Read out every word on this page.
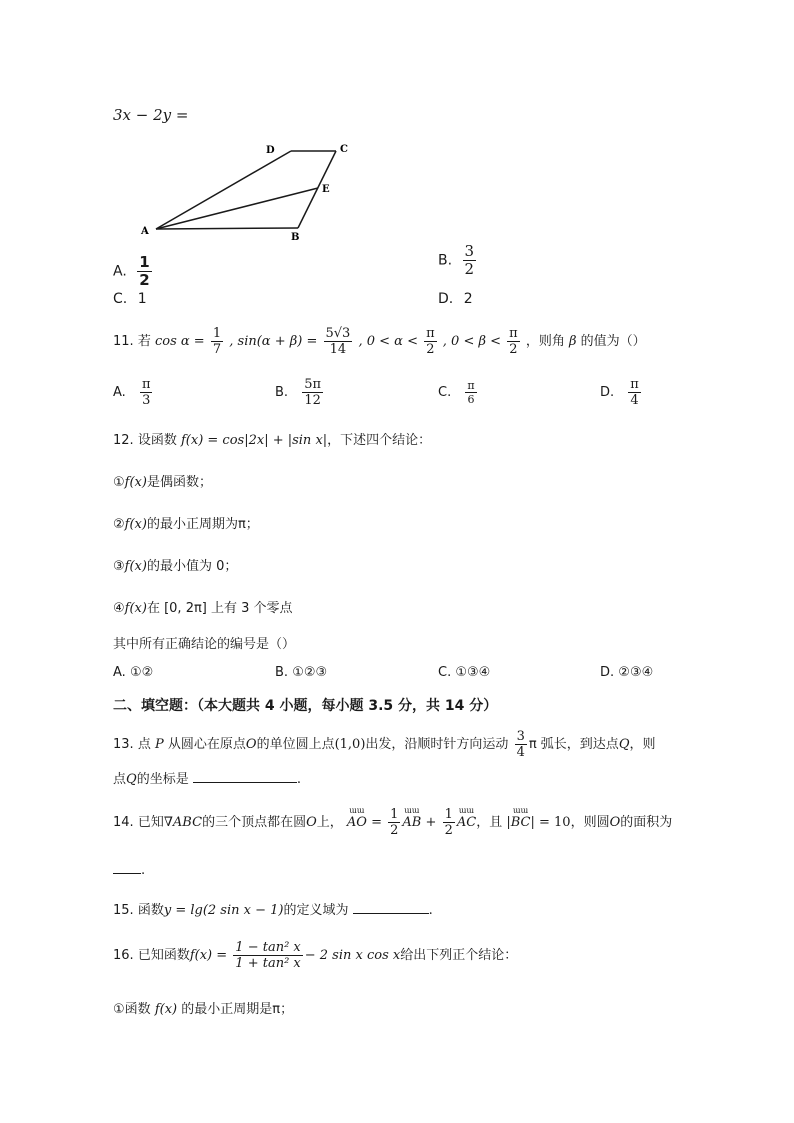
3x − 2y =
A
B
C
D
E
A. $\frac{1}{2}$	B. $\frac{3}{2}$
C. 1	D. 2
11. 若 $\cos \alpha = \frac{1}{7}$ , $\sin(\alpha + \beta) = \frac{5√3}{14}$ , $0 < \alpha < \frac{\pi}{2}$ , $0 < \beta < \frac{\pi}{2}$ ，则角 β 的值为（）
A. $\frac{\pi}{3}$	B. $\frac{5\pi}{12}$	C. $\frac{\pi}{6}$	D. $\frac{\pi}{4}$
12. 设函数 f(x) = cos|2x| + |sin x|，下述四个结论：
①f(x)是偶函数；
②f(x)的最小正周期为π；
③f(x)的最小值为 0；
④f(x)在 [0, 2π] 上有 3 个零点
其中所有正确结论的编号是（）
A. ①②	B. ①②③	C. ①③④	D. ②③④
二、填空题：（本大题共 4 小题，每小题 3.5 分，共 14 分）
13. 点 P 从圆心在原点O的单位圆上点(1,0)出发，沿顺时针方向运动 $\frac{3}{4}$ π 弧长，到达点Q，则
点Q的坐标是	.
14. 已知∇ABC的三个顶点都在圆O上，
ɯɯ
AO = $\frac{1}{2}$ ɯɯ
AB + $\frac{1}{2}$ ɯɯ
AC，且 |
ɯɯ
BC| = 10，则圆O的面积为
.
15. 函数y = lg(2 sin x − 1)的定义域为	.
16. 已知函数$f(x) = \frac{\text{1 − tan² x}}{\text{1 + tan² x}} - 2$ sin x cos x给出下列正个结论：
①函数 f(x) 的最小正周期是π；
